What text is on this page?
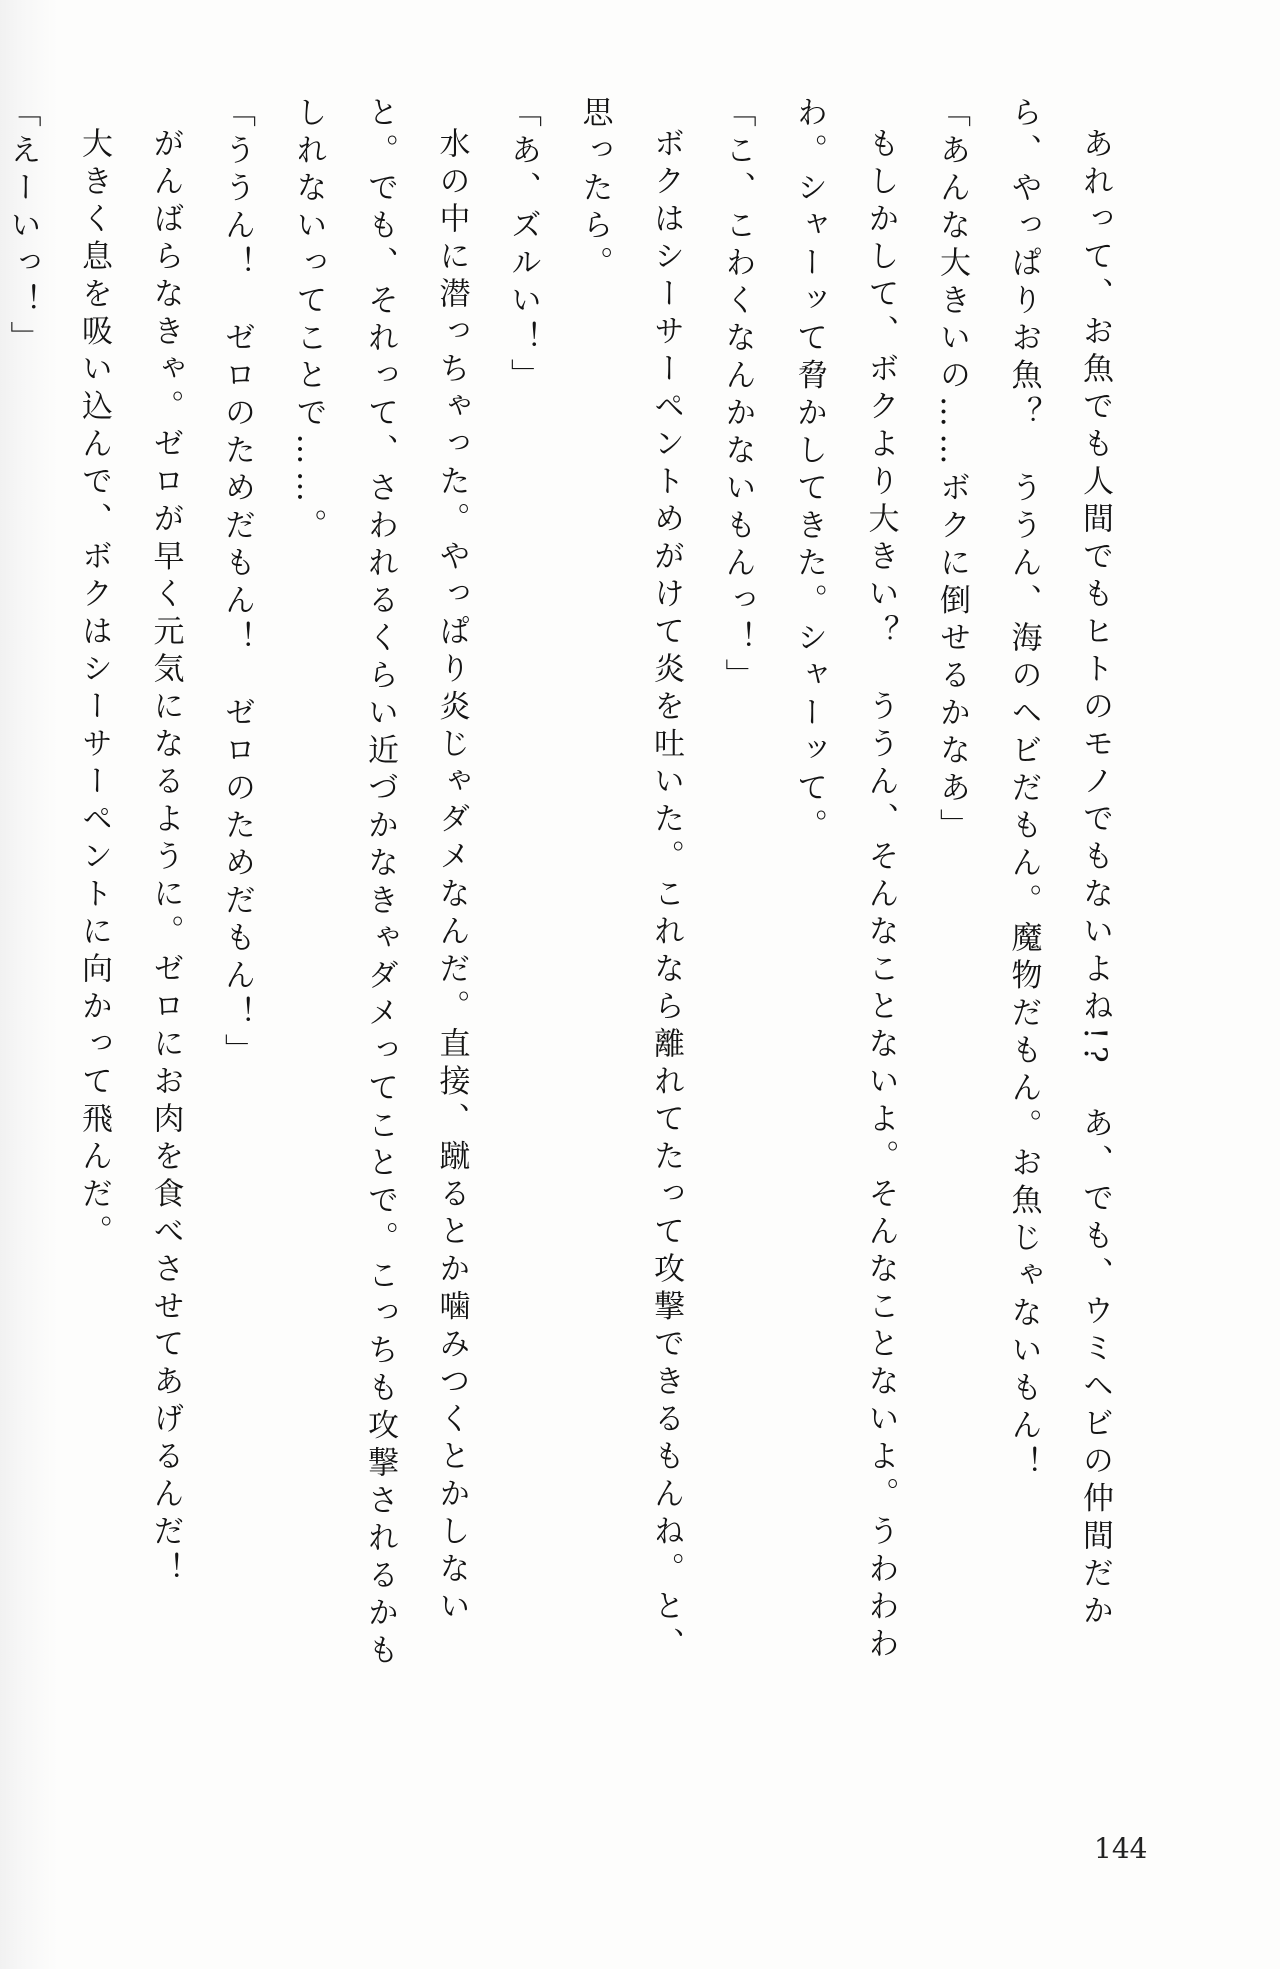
あれって、お魚でも人間でもヒトのモノでもないよね!?　あ、でも、ウミヘビの仲間だか
ら、やっぱりお魚？　ううん、海のヘビだもん。魔物だもん。お魚じゃないもん！
「あんな大きいの……ボクに倒せるかなあ」
もしかして、ボクより大きい？　ううん、そんなことないよ。そんなことないよ。うわわわ
わ。シャーッて脅かしてきた。シャーッて。
「こ、こわくなんかないもんっ！」
ボクはシーサーペントめがけて炎を吐いた。これなら離れてたって攻撃できるもんね。と、
思ったら。
「あ、ズルい！」
水の中に潜っちゃった。やっぱり炎じゃダメなんだ。直接、蹴るとか噛みつくとかしない
と。でも、それって、さわれるくらい近づかなきゃダメってことで。こっちも攻撃されるかも
しれないってことで……。
「ううん！　ゼロのためだもん！　ゼロのためだもん！」
がんばらなきゃ。ゼロが早く元気になるように。ゼロにお肉を食べさせてあげるんだ！
大きく息を吸い込んで、ボクはシーサーペントに向かって飛んだ。
「えーいっ！」
144
